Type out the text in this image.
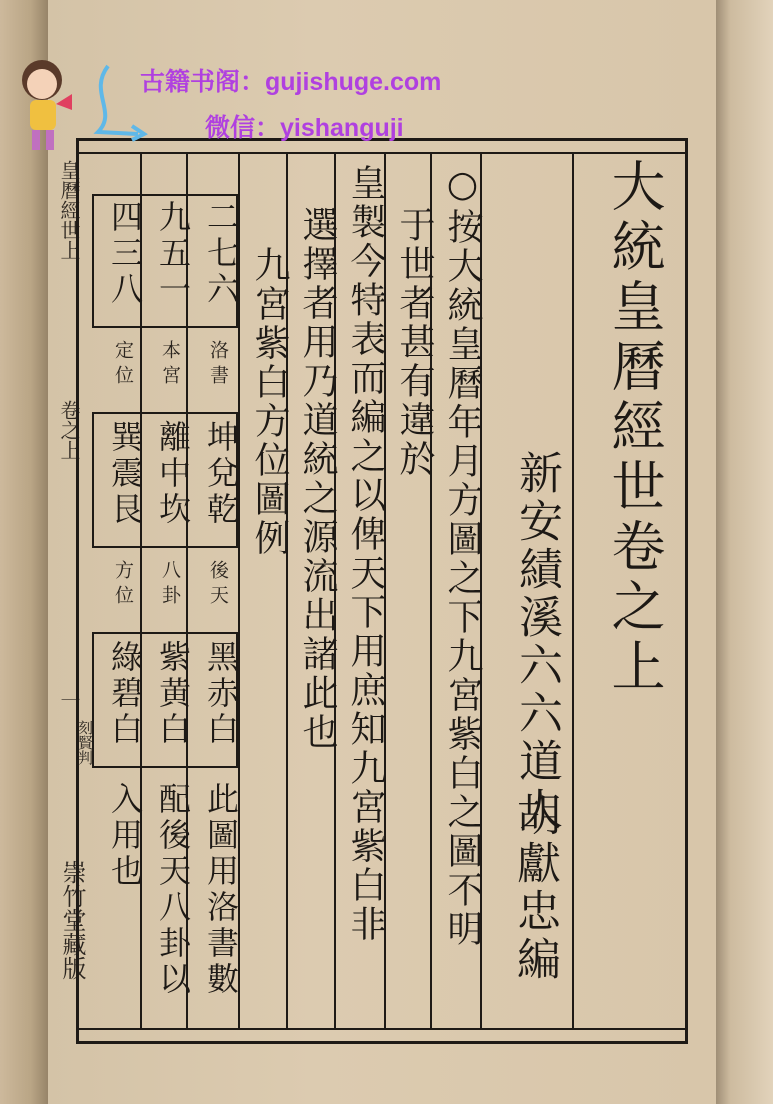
皇曆經世上
卷之上
一
刻賢判
崇竹堂藏版
大統皇曆經世卷之上
新安績溪六六道人
胡獻忠編
○按大統皇曆年月方圖之下九宮紫白之圖不明
于世者甚有違於
皇製今特表而編之以俾天下用庶知九宮紫白非
選擇者用乃道統之源流出諸此也
九宮紫白方位圖例
二七六
九五一
四三八
洛書
本宮
定位
坤兌乾
離中坎
巽震艮
後天
八卦
方位
黑赤白
紫黄白
綠碧白
此圖用洛書數
配後天八卦以
入用也
古籍书阁：gujishuge.com
微信：yishanguji
